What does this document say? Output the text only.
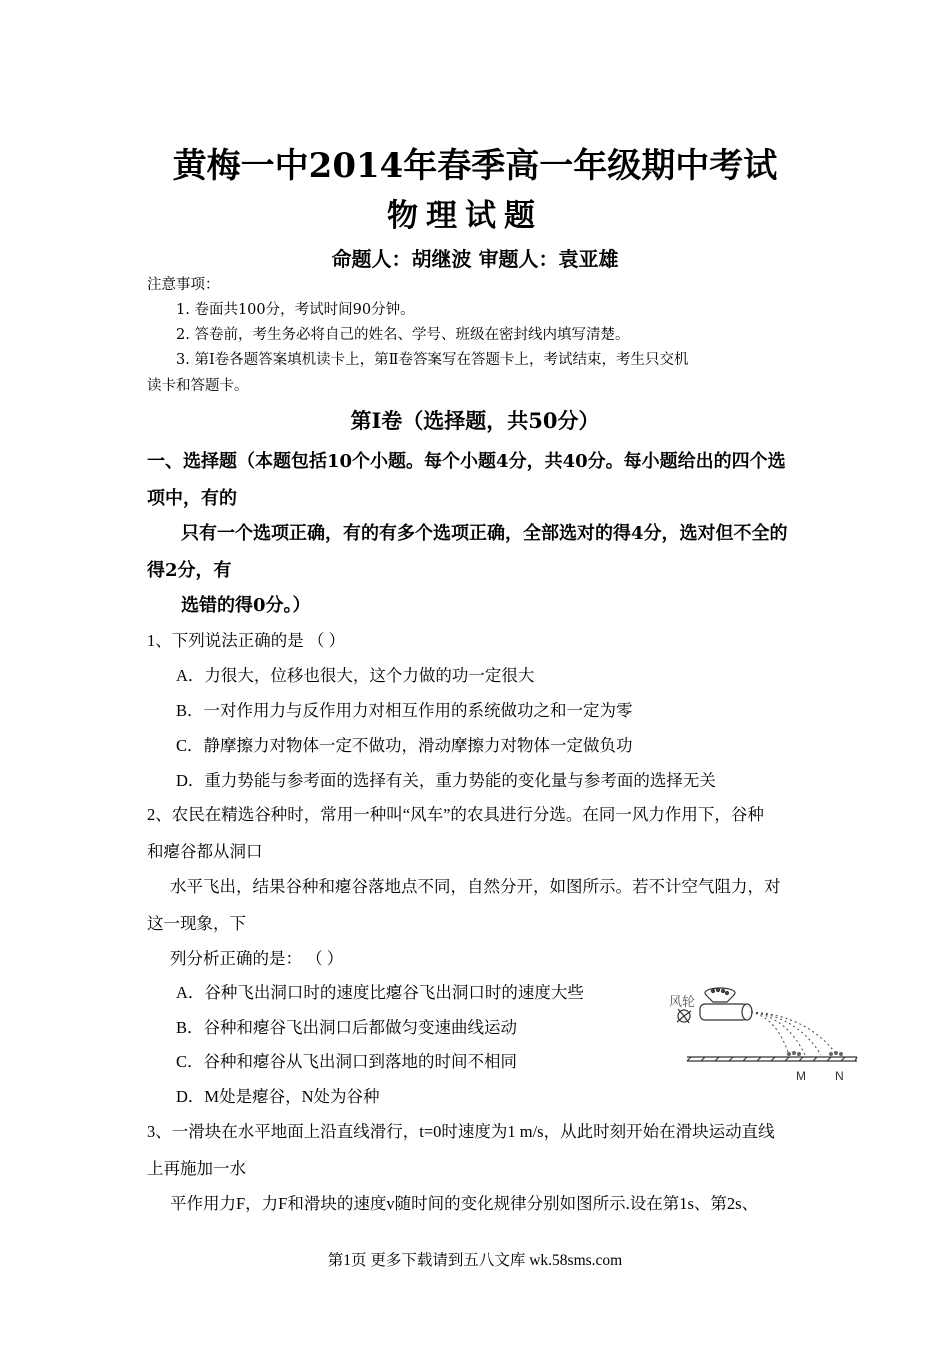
黄梅一中2014年春季高一年级期中考试
物理试题
命题人：胡继波 审题人：袁亚雄
注意事项：
1. 卷面共100分，考试时间90分钟。
2. 答卷前，考生务必将自己的姓名、学号、班级在密封线内填写清楚。
3. 第Ⅰ卷各题答案填机读卡上，第Ⅱ卷答案写在答题卡上，考试结束，考生只交机
读卡和答题卡。
第Ⅰ卷（选择题，共50分）
一、选择题（本题包括10个小题。每个小题4分，共40分。每小题给出的四个选
项中，有的
只有一个选项正确，有的有多个选项正确，全部选对的得4分，选对但不全的
得2分，有
选错的得0分。）
1、下列说法正确的是 （ ）
A．力很大，位移也很大，这个力做的功一定很大
B．一对作用力与反作用力对相互作用的系统做功之和一定为零
C．静摩擦力对物体一定不做功，滑动摩擦力对物体一定做负功
D．重力势能与参考面的选择有关，重力势能的变化量与参考面的选择无关
2、农民在精选谷种时，常用一种叫“风车”的农具进行分选。在同一风力作用下，谷种
和瘪谷都从洞口
水平飞出，结果谷种和瘪谷落地点不同，自然分开，如图所示。若不计空气阻力，对
这一现象，下
列分析正确的是： （ ）
A．谷种飞出洞口时的速度比瘪谷飞出洞口时的速度大些
B．谷种和瘪谷飞出洞口后都做匀变速曲线运动
C．谷种和瘪谷从飞出洞口到落地的时间不相同
D．M处是瘪谷，N处为谷种
风轮
M N
3、一滑块在水平地面上沿直线滑行，t=0时速度为1 m/s，从此时刻开始在滑块运动直线
上再施加一水
平作用力F，力F和滑块的速度v随时间的变化规律分别如图所示.设在第1s、第2s、
第1页 更多下载请到五八文库 wk.58sms.com
